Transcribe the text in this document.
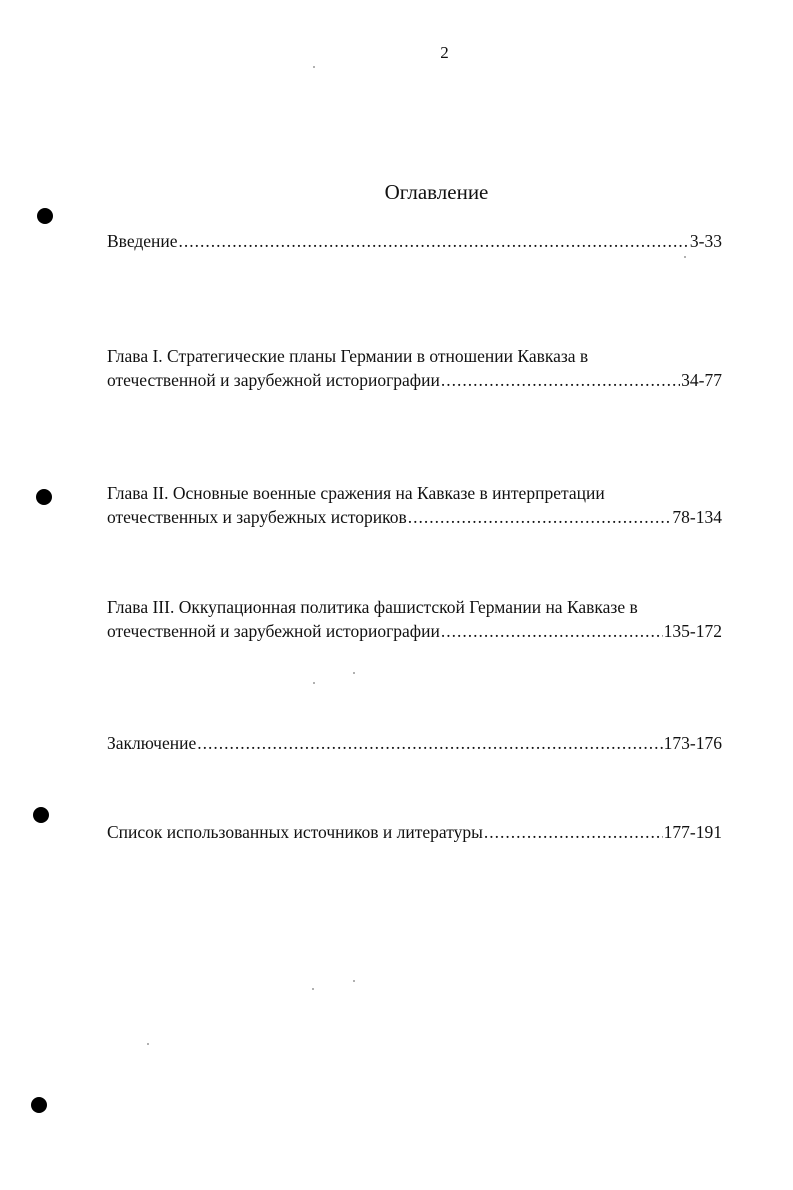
2
Оглавление
Введение .....	3-33
Глава I. Стратегические планы Германии в отношении Кавказа в
отечественной и зарубежной историографии .....	34-77
Глава II. Основные военные сражения на Кавказе в интерпретации
отечественных и зарубежных историков .....	78-134
Глава III. Оккупационная политика фашистской Германии на Кавказе в
отечественной и зарубежной историографии .....	135-172
Заключение .....	173-176
Список использованных источников и литературы .....	177-191
